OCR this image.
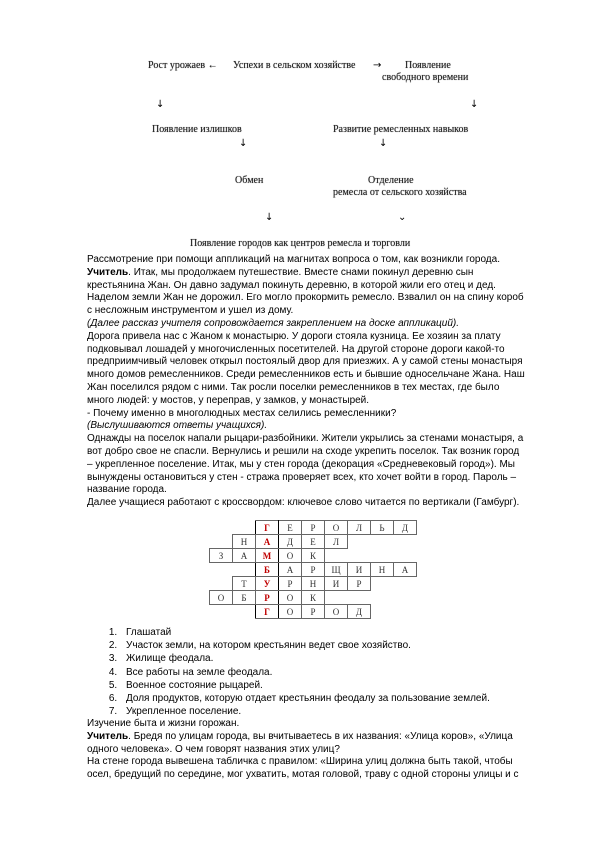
Рост урожаев ← Успехи в сельском хозяйстве → Появление
свободного времени
↓	↓
Появление излишков	Развитие ремесленных навыков
↓	↓
Обмен	Отделение
ремесла от сельского хозяйства
↓	⌄
Появление городов как центров ремесла и торговли
Рассмотрение при помощи аппликаций на магнитах вопроса о том, как возникли города.
Учитель. Итак, мы продолжаем путешествие. Вместе снами покинул деревню сын
крестьянина Жан. Он давно задумал покинуть деревню, в которой жили его отец и дед.
Наделом земли Жан не дорожил. Его могло прокормить ремесло. Взвалил он на спину короб
с несложным инструментом и ушел из дому.
(Далее рассказ учителя сопровождается закреплением на доске аппликаций).
Дорога привела нас с Жаном к монастырю. У дороги стояла кузница. Ее хозяин за плату
подковывал лошадей у многочисленных посетителей. На другой стороне дороги какой-то
предприимчивый человек открыл постоялый двор для приезжих. А у самой стены монастыря
много домов ремесленников. Среди ремесленников есть и бывшие односельчане Жана. Наш
Жан поселился рядом с ними. Так росли поселки ремесленников в тех местах, где было
много людей: у мостов, у переправ, у замков, у монастырей.
- Почему именно в многолюдных местах селились ремесленники?
(Выслушиваются ответы учащихся).
Однажды на поселок напали рыцари-разбойники. Жители укрылись за стенами монастыря, а
вот добро свое не спасли. Вернулись и решили на сходе укрепить поселок. Так возник город
– укрепленное поселение. Итак, мы у стен города (декорация «Средневековый город»). Мы
вынуждены остановиться у стен - стража проверяет всех, кто хочет войти в город. Пароль –
название города.
Далее учащиеся работают с кроссвордом: ключевое слово читается по вертикали (Гамбург).
		Г	Е	Р	О	Л	Ь	Д
	Н	А	Д	Е	Л			
З	А	М	О	К				
		Б	А	Р	Щ	И	Н	А
	Т	У	Р	Н	И	Р		
О	Б	Р	О	К				
		Г	О	Р	О	Д		
1. Глашатай
2. Участок земли, на котором крестьянин ведет свое хозяйство.
3. Жилище феодала.
4. Все работы на земле феодала.
5. Военное состояние рыцарей.
6. Доля продуктов, которую отдает крестьянин феодалу за пользование землей.
7. Укрепленное поселение.
Изучение быта и жизни горожан.
Учитель. Бредя по улицам города, вы вчитываетесь в их названия: «Улица коров», «Улица
одного человека». О чем говорят названия этих улиц?
На стене города вывешена табличка с правилом: «Ширина улиц должна быть такой, чтобы
осел, бредущий по середине, мог ухватить, мотая головой, траву с одной стороны улицы и с
